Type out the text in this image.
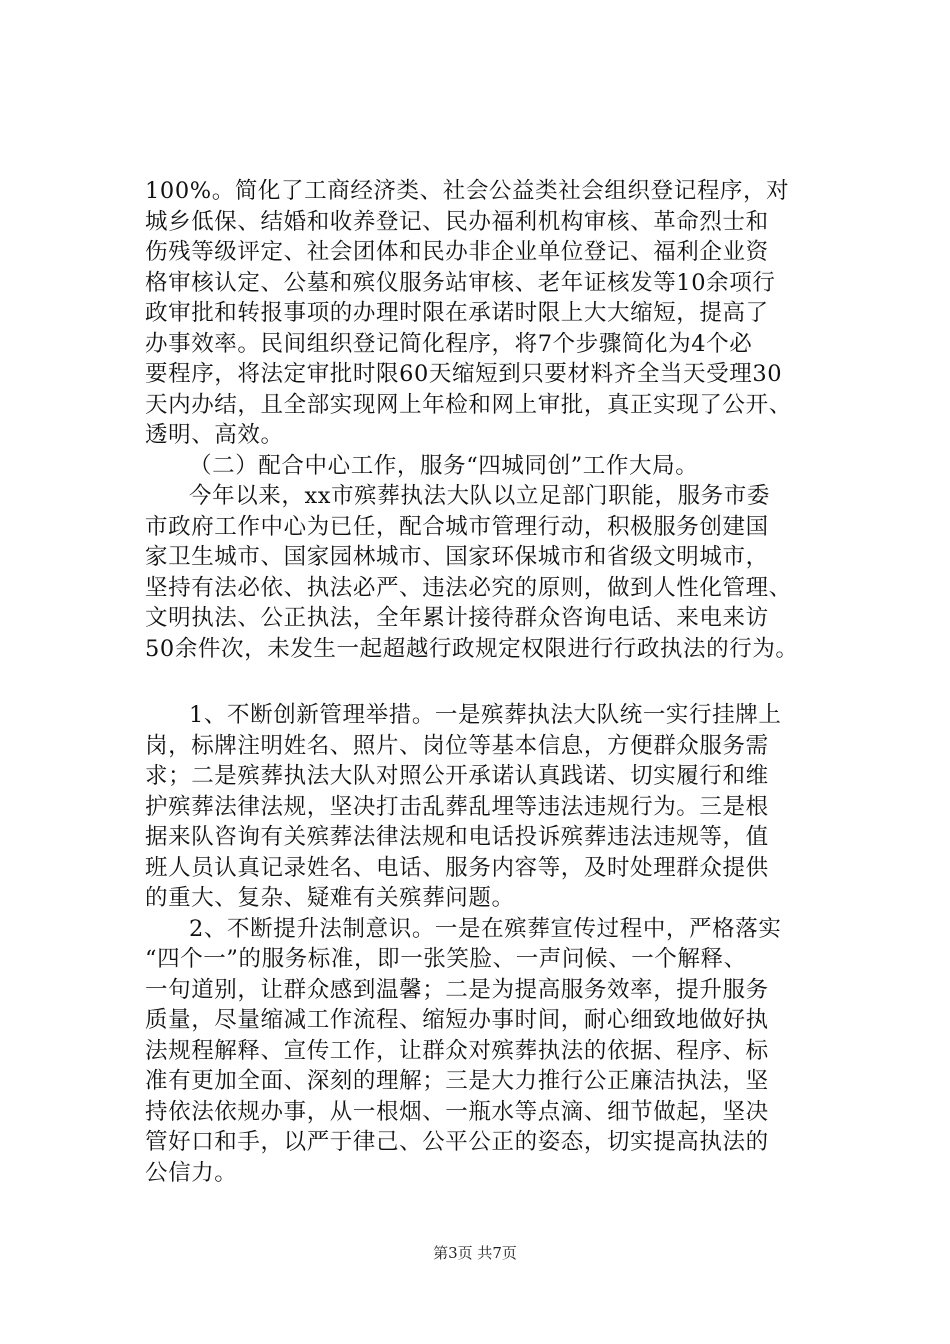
100%。简化了工商经济类、社会公益类社会组织登记程序，对
城乡低保、结婚和收养登记、民办福利机构审核、革命烈士和
伤残等级评定、社会团体和民办非企业单位登记、福利企业资
格审核认定、公墓和殡仪服务站审核、老年证核发等10余项行
政审批和转报事项的办理时限在承诺时限上大大缩短，提高了
办事效率。民间组织登记简化程序，将7个步骤简化为4个必
要程序，将法定审批时限60天缩短到只要材料齐全当天受理30
天内办结，且全部实现网上年检和网上审批，真正实现了公开、
透明、高效。
（二）配合中心工作，服务“四城同创”工作大局。
今年以来，xx市殡葬执法大队以立足部门职能，服务市委
市政府工作中心为已任，配合城市管理行动，积极服务创建国
家卫生城市、国家园林城市、国家环保城市和省级文明城市，
坚持有法必依、执法必严、违法必究的原则，做到人性化管理、
文明执法、公正执法，全年累计接待群众咨询电话、来电来访
50余件次，未发生一起超越行政规定权限进行行政执法的行为。
1、不断创新管理举措。一是殡葬执法大队统一实行挂牌上
岗，标牌注明姓名、照片、岗位等基本信息，方便群众服务需
求；二是殡葬执法大队对照公开承诺认真践诺、切实履行和维
护殡葬法律法规，坚决打击乱葬乱埋等违法违规行为。三是根
据来队咨询有关殡葬法律法规和电话投诉殡葬违法违规等，值
班人员认真记录姓名、电话、服务内容等，及时处理群众提供
的重大、复杂、疑难有关殡葬问题。
2、不断提升法制意识。一是在殡葬宣传过程中，严格落实
“四个一”的服务标准，即一张笑脸、一声问候、一个解释、
一句道别，让群众感到温馨；二是为提高服务效率，提升服务
质量，尽量缩减工作流程、缩短办事时间，耐心细致地做好执
法规程解释、宣传工作，让群众对殡葬执法的依据、程序、标
准有更加全面、深刻的理解；三是大力推行公正廉洁执法，坚
持依法依规办事，从一根烟、一瓶水等点滴、细节做起，坚决
管好口和手，以严于律己、公平公正的姿态，切实提高执法的
公信力。
第3页 共7页
